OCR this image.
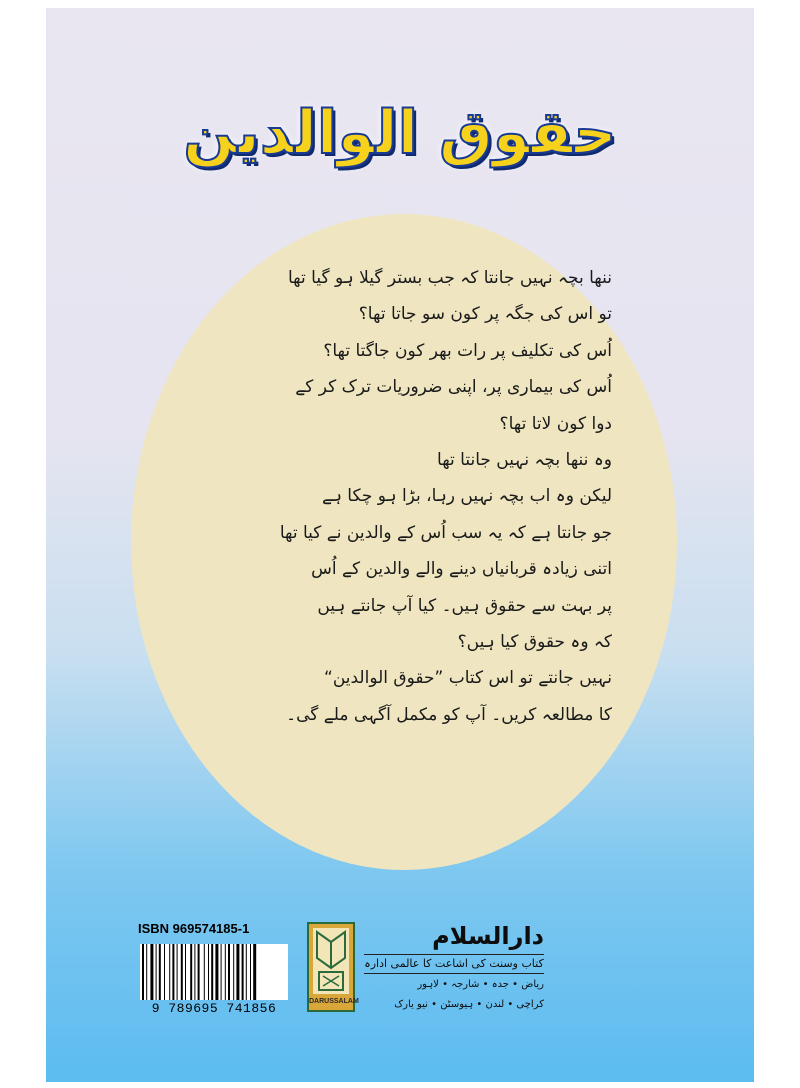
حقوق الوالدین
ننھا بچہ نہیں جانتا کہ جب بستر گیلا ہو گیا تھا
تو اس کی جگہ پر کون سو جاتا تھا؟
اُس کی تکلیف پر رات بھر کون جاگتا تھا؟
اُس کی بیماری پر، اپنی ضروریات ترک کر کے
دوا کون لاتا تھا؟
وہ ننھا بچہ نہیں جانتا تھا
لیکن وہ اب بچہ نہیں رہا، بڑا ہو چکا ہے
جو جانتا ہے کہ یہ سب اُس کے والدین نے کیا تھا
اتنی زیادہ قربانیاں دینے والے والدین کے اُس
پر بہت سے حقوق ہیں۔ کیا آپ جانتے ہیں
کہ وہ حقوق کیا ہیں؟
نہیں جانتے تو اس کتاب ”حقوق الوالدین“
کا مطالعہ کریں۔ آپ کو مکمل آگہی ملے گی۔
ISBN 969574185-1
9 789695 741856	DARUSSALAM
دارالسلام
کتاب وسنت کی اشاعت کا عالمی ادارہ
ریاض • جدہ • شارجہ • لاہور
کراچی • لندن • ہیوسٹن • نیو یارک
